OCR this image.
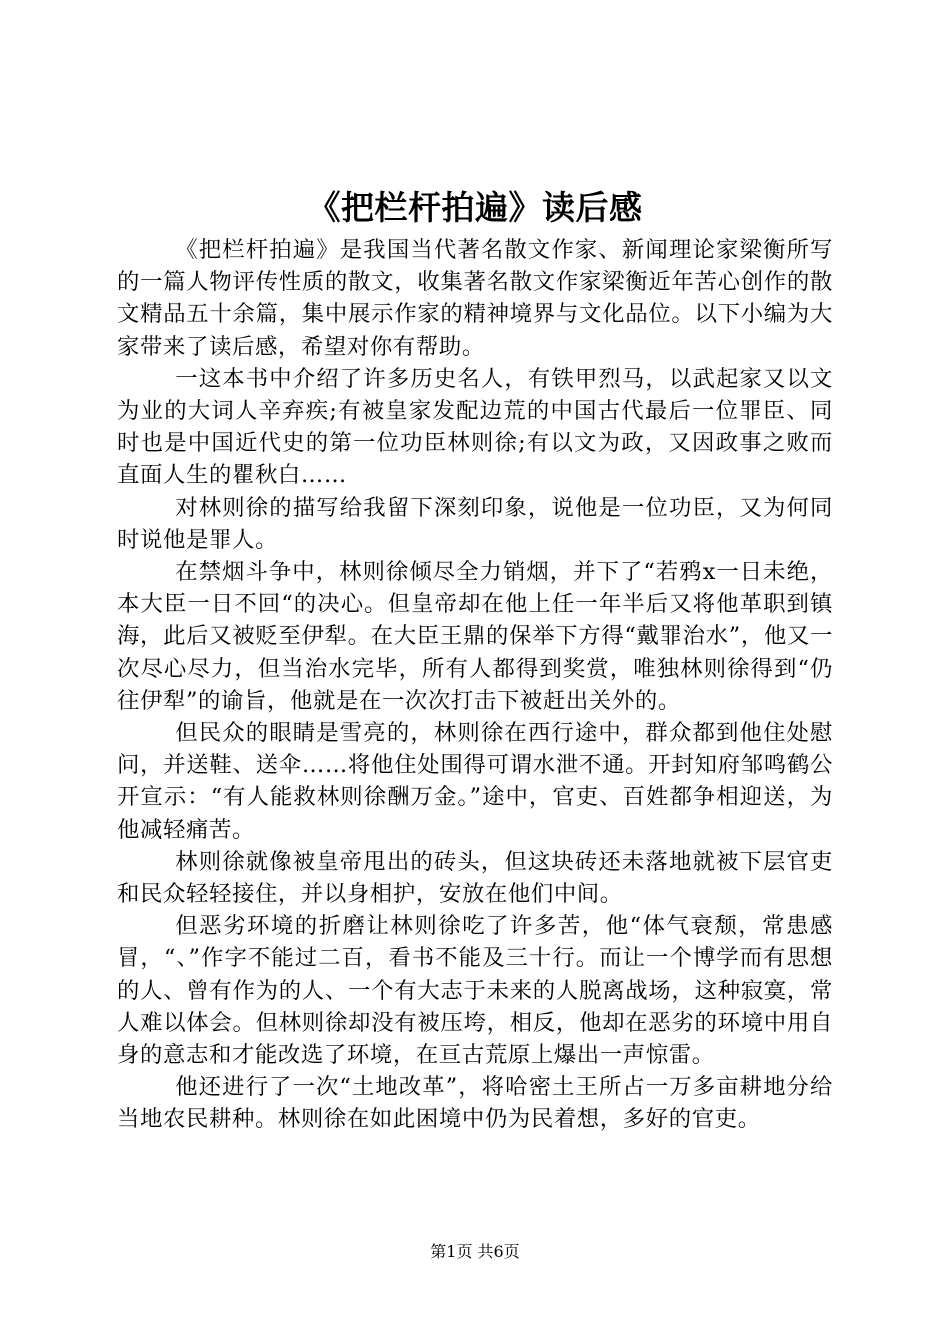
《把栏杆拍遍》读后感

《把栏杆拍遍》是我国当代著名散文作家、新闻理论家梁衡所写的一篇人物评传性质的散文，收集著名散文作家梁衡近年苦心创作的散文精品五十余篇，集中展示作家的精神境界与文化品位。以下小编为大家带来了读后感，希望对你有帮助。

一这本书中介绍了许多历史名人，有铁甲烈马，以武起家又以文为业的大词人辛弃疾;有被皇家发配边荒的中国古代最后一位罪臣、同时也是中国近代史的第一位功臣林则徐;有以文为政，又因政事之败而直面人生的瞿秋白……

对林则徐的描写给我留下深刻印象，说他是一位功臣，又为何同时说他是罪人。

在禁烟斗争中，林则徐倾尽全力销烟，并下了“若鸦x一日未绝，本大臣一日不回“的决心。但皇帝却在他上任一年半后又将他革职到镇海，此后又被贬至伊犁。在大臣王鼎的保举下方得“戴罪治水”，他又一次尽心尽力，但当治水完毕，所有人都得到奖赏，唯独林则徐得到“仍往伊犁”的谕旨，他就是在一次次打击下被赶出关外的。

但民众的眼睛是雪亮的，林则徐在西行途中，群众都到他住处慰问，并送鞋、送伞……将他住处围得可谓水泄不通。开封知府邹鸣鹤公开宣示：“有人能救林则徐酬万金。”途中，官吏、百姓都争相迎送，为他减轻痛苦。

林则徐就像被皇帝甩出的砖头，但这块砖还未落地就被下层官吏和民众轻轻接住，并以身相护，安放在他们中间。

但恶劣环境的折磨让林则徐吃了许多苦，他“体气衰颓，常患感冒，“、”作字不能过二百，看书不能及三十行。而让一个博学而有思想的人、曾有作为的人、一个有大志于未来的人脱离战场，这种寂寞，常人难以体会。但林则徐却没有被压垮，相反，他却在恶劣的环境中用自身的意志和才能改选了环境，在亘古荒原上爆出一声惊雷。

他还进行了一次“土地改革”，将哈密土王所占一万多亩耕地分给当地农民耕种。林则徐在如此困境中仍为民着想，多好的官吏。

第1页 共6页
